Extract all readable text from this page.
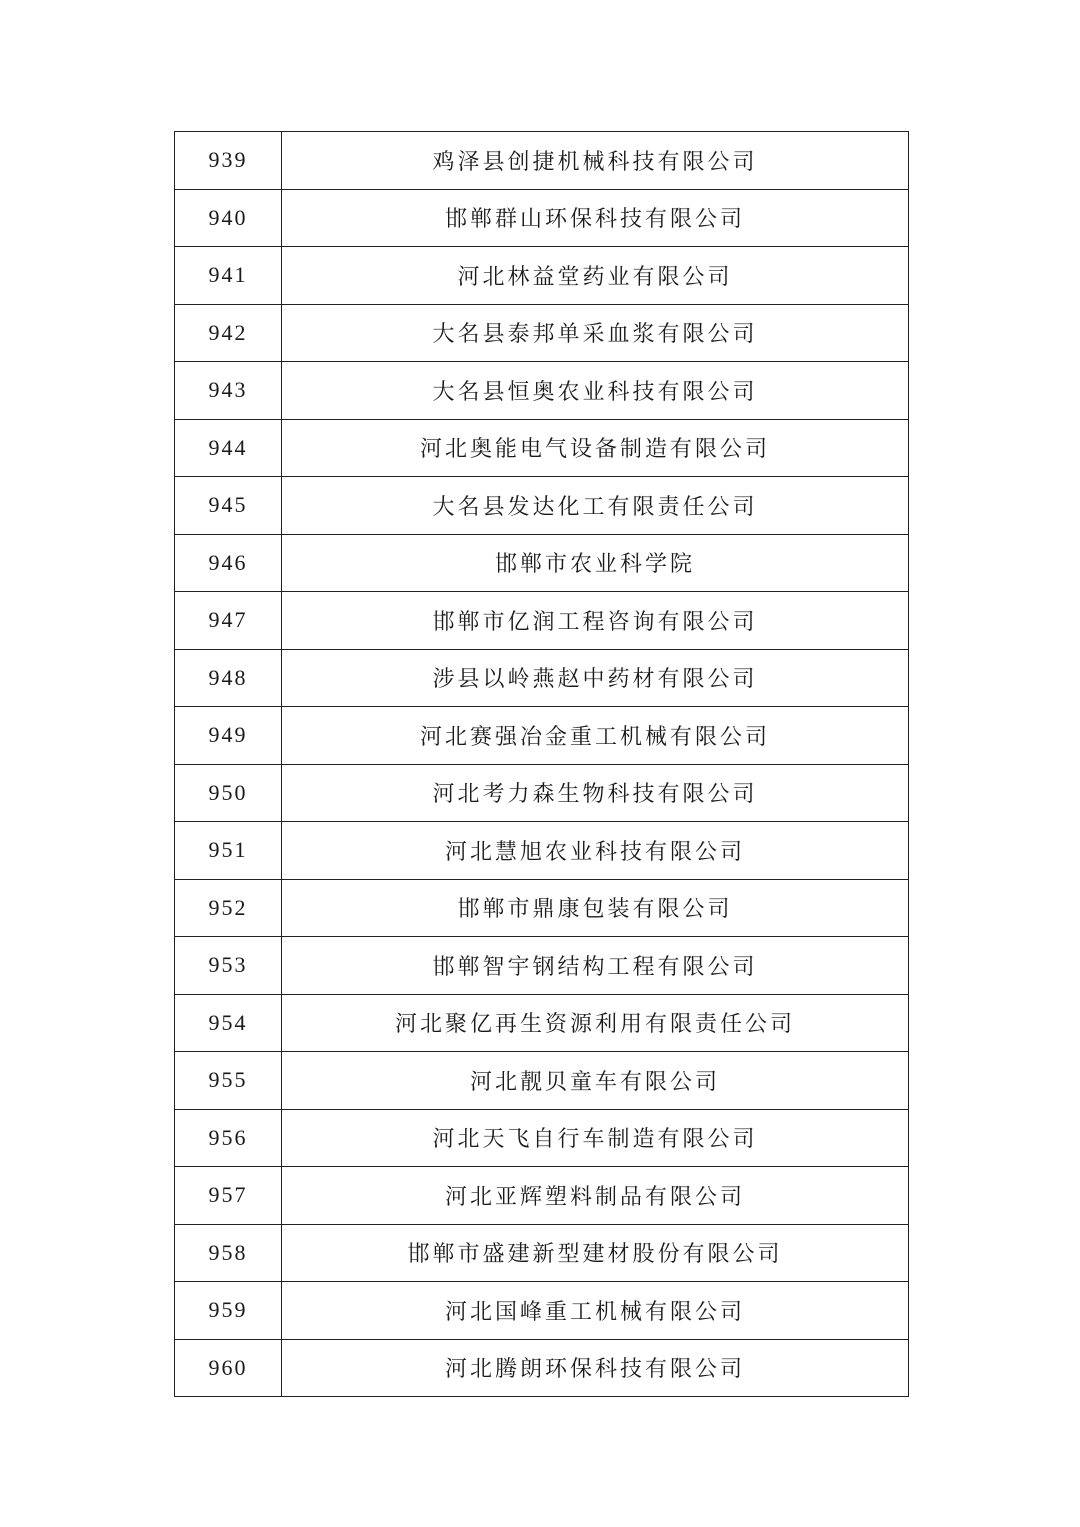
939	鸡泽县创捷机械科技有限公司
940	邯郸群山环保科技有限公司
941	河北林益堂药业有限公司
942	大名县泰邦单采血浆有限公司
943	大名县恒奥农业科技有限公司
944	河北奥能电气设备制造有限公司
945	大名县发达化工有限责任公司
946	邯郸市农业科学院
947	邯郸市亿润工程咨询有限公司
948	涉县以岭燕赵中药材有限公司
949	河北赛强冶金重工机械有限公司
950	河北考力森生物科技有限公司
951	河北慧旭农业科技有限公司
952	邯郸市鼎康包装有限公司
953	邯郸智宇钢结构工程有限公司
954	河北聚亿再生资源利用有限责任公司
955	河北靓贝童车有限公司
956	河北天飞自行车制造有限公司
957	河北亚辉塑料制品有限公司
958	邯郸市盛建新型建材股份有限公司
959	河北国峰重工机械有限公司
960	河北腾朗环保科技有限公司
